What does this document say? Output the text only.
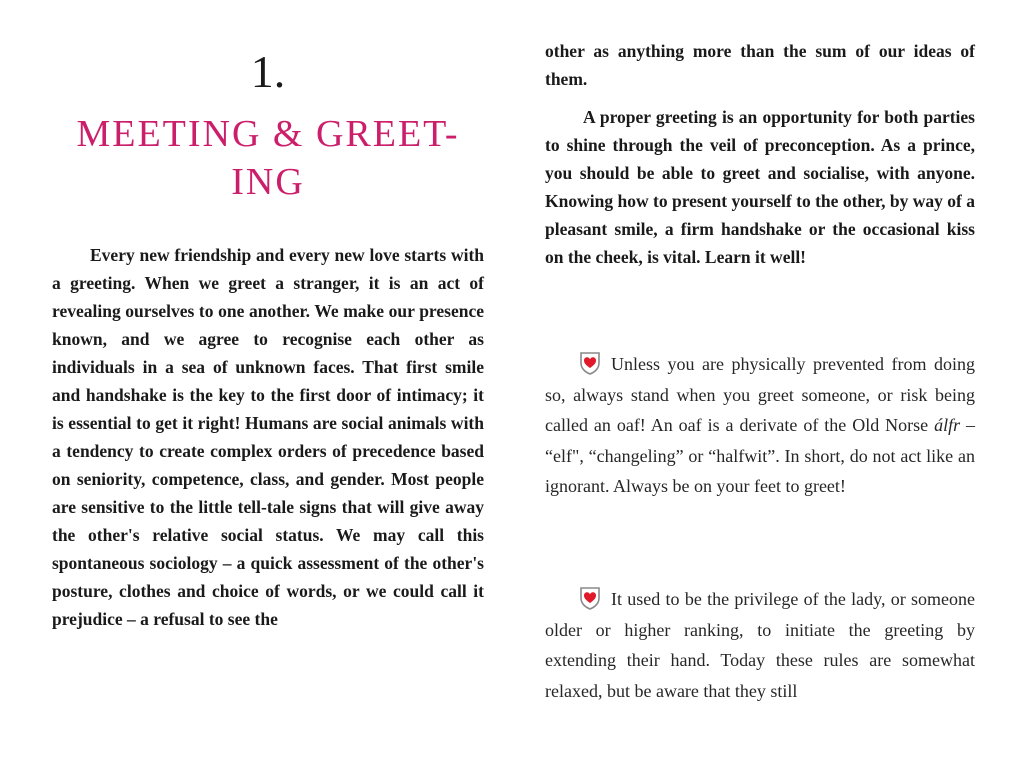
1.
MEETING & GREET-
ING

Every new friendship and every new love starts with a greeting. When we greet a stranger, it is an act of revealing ourselves to one another. We make our presence known, and we agree to recognise each other as individuals in a sea of unknown faces. That first smile and handshake is the key to the first door of intimacy; it is essential to get it right! Humans are social animals with a tendency to create complex orders of precedence based on seniority, competence, class, and gender. Most people are sensitive to the little tell-tale signs that will give away the other's relative social status. We may call this spontaneous sociology – a quick assessment of the other's posture, clothes and choice of words, or we could call it prejudice – a refusal to see the

other as anything more than the sum of our ideas of them.

A proper greeting is an opportunity for both parties to shine through the veil of preconception. As a prince, you should be able to greet and socialise, with anyone. Knowing how to present yourself to the other, by way of a pleasant smile, a firm handshake or the occasional kiss on the cheek, is vital. Learn it well!

Unless you are physically prevented from doing so, always stand when you greet someone, or risk being called an oaf! An oaf is a derivate of the Old Norse álfr – “elf", “changeling” or “halfwit”. In short, do not act like an ignorant. Always be on your feet to greet!

It used to be the privilege of the lady, or someone older or higher ranking, to initiate the greeting by extending their hand. Today these rules are somewhat relaxed, but be aware that they still
